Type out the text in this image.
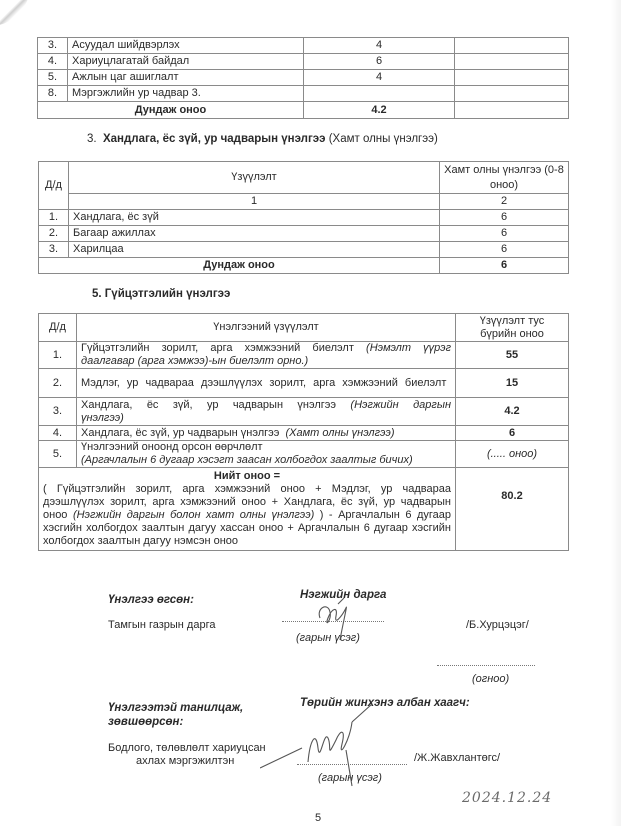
3.	Асуудал шийдвэрлэх	4	
4.	Хариуцлагатай байдал	6	
5.	Ажлын цаг ашиглалт	4	
8.	Мэргэжлийн ур чадвар 3.		
Дундаж оноо		4.2	
3. Хандлага, ёс зүй, ур чадварын үнэлгээ (Хамт олны үнэлгээ)
Д/д	Үзүүлэлт	Хамт олны үнэлгээ (0-8 оноо)
	1	2
1.	Хандлага, ёс зүй	6
2.	Багаар ажиллах	6
3.	Харилцаа	6
Дундаж оноо		6
5. Гүйцэтгэлийн үнэлгээ
Д/д	Үнэлгээний үзүүлэлт	Үзүүлэлт тус бүрийн оноо
1.	Гүйцэтгэлийн зорилт, арга хэмжээний биелэлт (Нэмэлт үүрэг даалгавар (арга хэмжээ)-ын биелэлт орно.)	55
2.	Мэдлэг, ур чадвараа дээшлүүлэх зорилт, арга хэмжээний биелэлт	15
3.	Хандлага, ёс зүй, ур чадварын үнэлгээ (Нэгжийн даргын үнэлгээ)	4.2
4.	Хандлага, ёс зүй, ур чадварын үнэлгээ (Хамт олны үнэлгээ)	6
5.	Үнэлгээний оноонд орсон өөрчлөлт
(Аргачлалын 6 дугаар хэсэгт заасан холбогдох заалтыг бичих)	(..... оноо)

Нийт оноо =
( Гүйцэтгэлийн зорилт, арга хэмжээний оноо + Мэдлэг, ур чадвараа дээшлүүлэх зорилт, арга хэмжээний оноо + Хандлага, ёс зүй, ур чадварын оноо (Нэгжийн даргын болон хамт олны үнэлгээ) ) - Аргачлалын 6 дугаар хэсгийн холбогдох заалтын дагуу хассан оноо + Аргачлалын 6 дугаар хэсгийн холбогдох заалтын дагуу нэмсэн оноо		80.2
Үнэлгээ өгсөн:	Нэгжийн дарга
Тамгын газрын дарга
(гарын үсэг)
/Б.Хурцэцэг/
(огноо)
Үнэлгээтэй танилцаж,
зөвшөөрсөн:
Төрийн жинхэнэ албан хаагч:
Бодлого, төлөвлөлт хариуцсан
ахлах мэргэжилтэн
(гарын үсэг)
/Ж.Жавхлантөгс/
2024.12.24
5
